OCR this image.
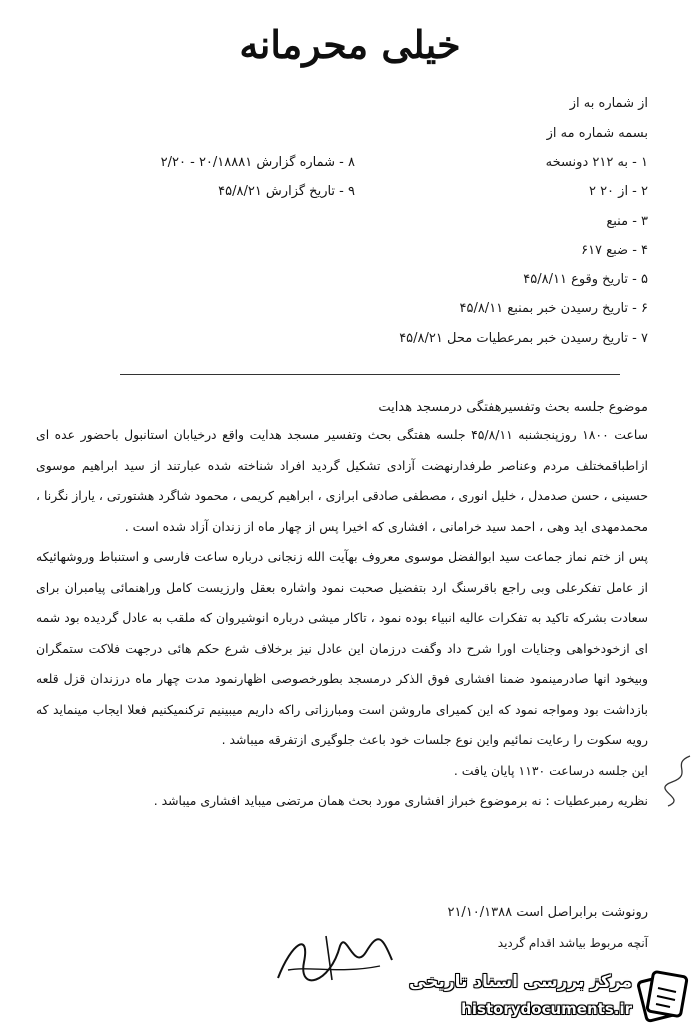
خیلی محرمانه
از شماره به از
بسمه شماره مه از
۱ - به ۲۱۲ دونسخه
۸ - شماره گزارش ۲۰/۱۸۸۸۱ - ۲/۲۰
۲ - از ۲۰ ۲
۹ - تاریخ گزارش ۴۵/۸/۲۱
۳ - منبع
۴ - ضبع ۶۱۷
۵ - تاریخ وقوع ۴۵/۸/۱۱
۶ - تاریخ رسیدن خبر بمنبع ۴۵/۸/۱۱
۷ - تاریخ رسیدن خبر بمرعطیات محل ۴۵/۸/۲۱
موضوع جلسه بحث وتفسیرهفتگی درمسجد هدایت

ساعت ۱۸۰۰ روزپنجشنبه ۴۵/۸/۱۱ جلسه هفتگی بحث وتفسیر مسجد هدایت واقع درخیابان استانبول باحضور عده ای ازاطباقمختلف مردم وعناصر طرفدارنهضت آزادی تشکیل گردید افراد شناخته شده عبارتند از سید ابراهیم موسوی حسینی ، حسن صدمدل ، خلیل انوری ، مصطفی صادقی ابرازی ، ابراهیم کریمی ، محمود شاگرد هشتورتی ، یاراز نگرنا ، محمدمهدی اید وهی ، احمد سید خرامانی ، افشاری که اخیرا پس از چهار ماه از زندان آزاد شده است .

پس از ختم نماز جماعت سید ابوالفضل موسوی معروف بهآیت الله زنجانی درباره ساعت فارسی و استنباط وروشهائیکه از عامل تفکرعلی وبی راجع باقرسنگ ارد بتفضیل صحبت نمود واشاره بعقل وارزیست کامل وراهنمائی پیامبران برای سعادت بشرکه تاکید به تفکرات عالیه انبیاء بوده نمود ، تاکار میشی درباره انوشیروان که ملقب به عادل گردیده بود شمه ای ازخودخواهی وجنایات اورا شرح داد وگفت درزمان این عادل نیز برخلاف شرع حکم هائی درجهت فلاکت ستمگران وبیخود انها صادرمینمود ضمنا افشاری فوق الذکر درمسجد بطورخصوصی اظهارنمود مدت چهار ماه درزندان قزل قلعه بازداشت بود ومواجه نمود که این کمیرای ماروشن است ومبارزاتی راکه داریم میبینیم ترکنمیکنیم فعلا ایجاب مینماید که رویه سکوت را رعایت نمائیم واین نوع جلسات خود باعث جلوگیری ازتفرقه میباشد .

این جلسه درساعت ۱۱۳۰ پایان یافت .

نظریه رمبرعطیات : نه برموضوع خبراز افشاری مورد بحث همان مرتضی میباید افشاری میباشد .

رونوشت برابراصل است ۲۱/۱۰/۱۳۸۸
آنچه مربوط بیاشد اقدام گردید
مرکز بررسی اسناد تاریخی
historydocuments.ir
